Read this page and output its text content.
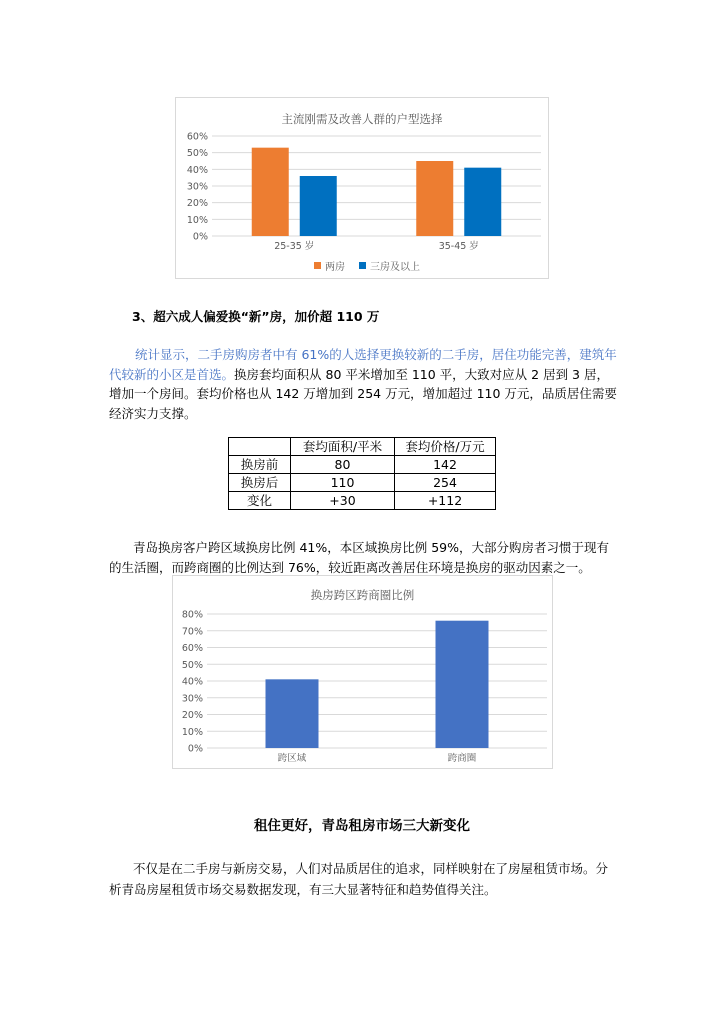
主流刚需及改善人群的户型选择
0%
10%
20%
30%
40%
50%
60%
25-35 岁	35-45 岁
两房	三房及以上
3、超六成人偏爱换“新”房，加价超 110 万
统计显示，二手房购房者中有 61%的人选择更换较新的二手房，居住功能完善，建筑年代较新的小区是首选。换房套均面积从 80 平米增加至 110 平，大致对应从 2 居到 3 居，增加一个房间。套均价格也从 142 万增加到 254 万元，增加超过 110 万元，品质居住需要经济实力支撑。
	套均面积/平米	套均价格/万元
换房前	80	142
换房后	110	254
变化	+30	+112
青岛换房客户跨区域换房比例 41%，本区域换房比例 59%，大部分购房者习惯于现有的生活圈，而跨商圈的比例达到 76%，较近距离改善居住环境是换房的驱动因素之一。
换房跨区跨商圈比例
0%
10%
20%
30%
40%
50%
60%
70%
80%
跨区域	跨商圈
租住更好，青岛租房市场三大新变化
不仅是在二手房与新房交易，人们对品质居住的追求，同样映射在了房屋租赁市场。分析青岛房屋租赁市场交易数据发现，有三大显著特征和趋势值得关注。
